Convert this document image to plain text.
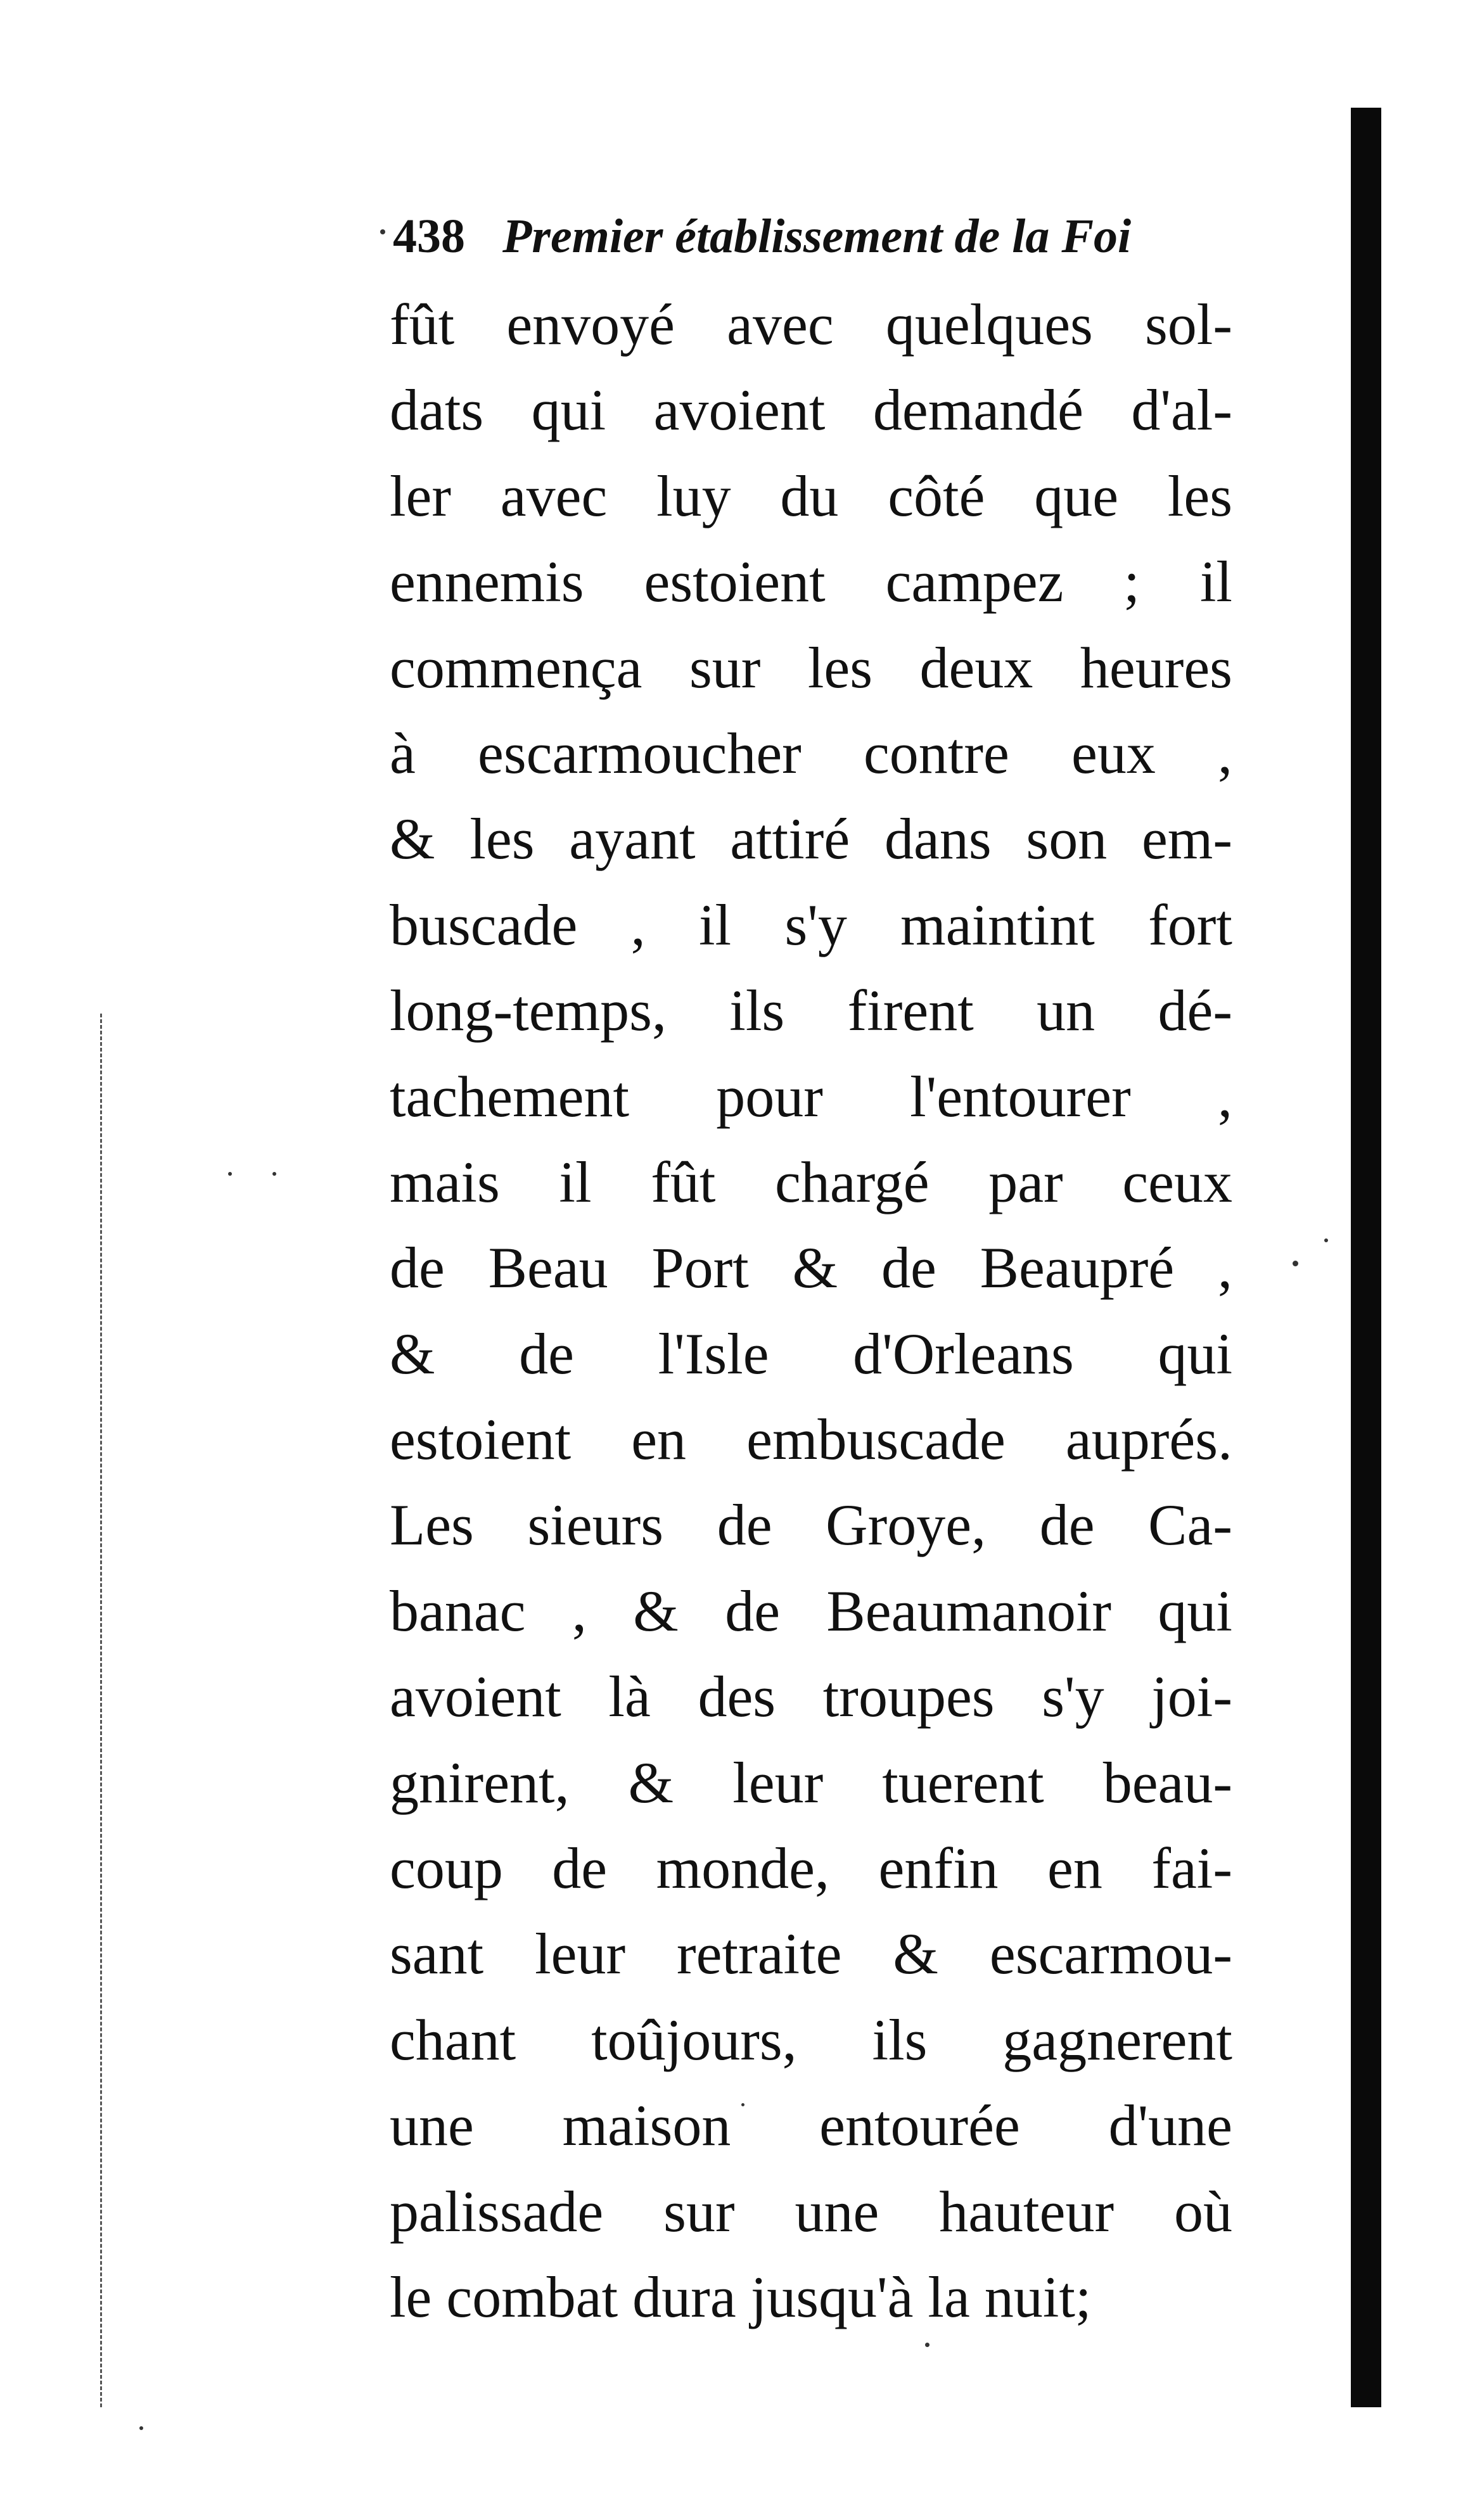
438 Premier établissement de la Foi
fût envoyé avec quelques sol-
dats qui avoient demandé d'al-
ler avec luy du côté que les
ennemis estoient campez ; il
commença sur les deux heures
à escarmoucher contre eux ,
& les ayant attiré dans son em-
buscade , il s'y maintint fort
long-temps, ils firent un dé-
tachement pour l'entourer ,
mais il fût chargé par ceux
de Beau Port & de Beaupré ,
& de l'Isle d'Orleans qui
estoient en embuscade auprés.
Les sieurs de Groye, de Ca-
banac , & de Beaumanoir qui
avoient là des troupes s'y joi-
gnirent, & leur tuerent beau-
coup de monde, enfin en fai-
sant leur retraite & escarmou-
chant toûjours, ils gagnerent
une maison entourée d'une
palissade sur une hauteur où
le combat dura jusqu'à la nuit;
